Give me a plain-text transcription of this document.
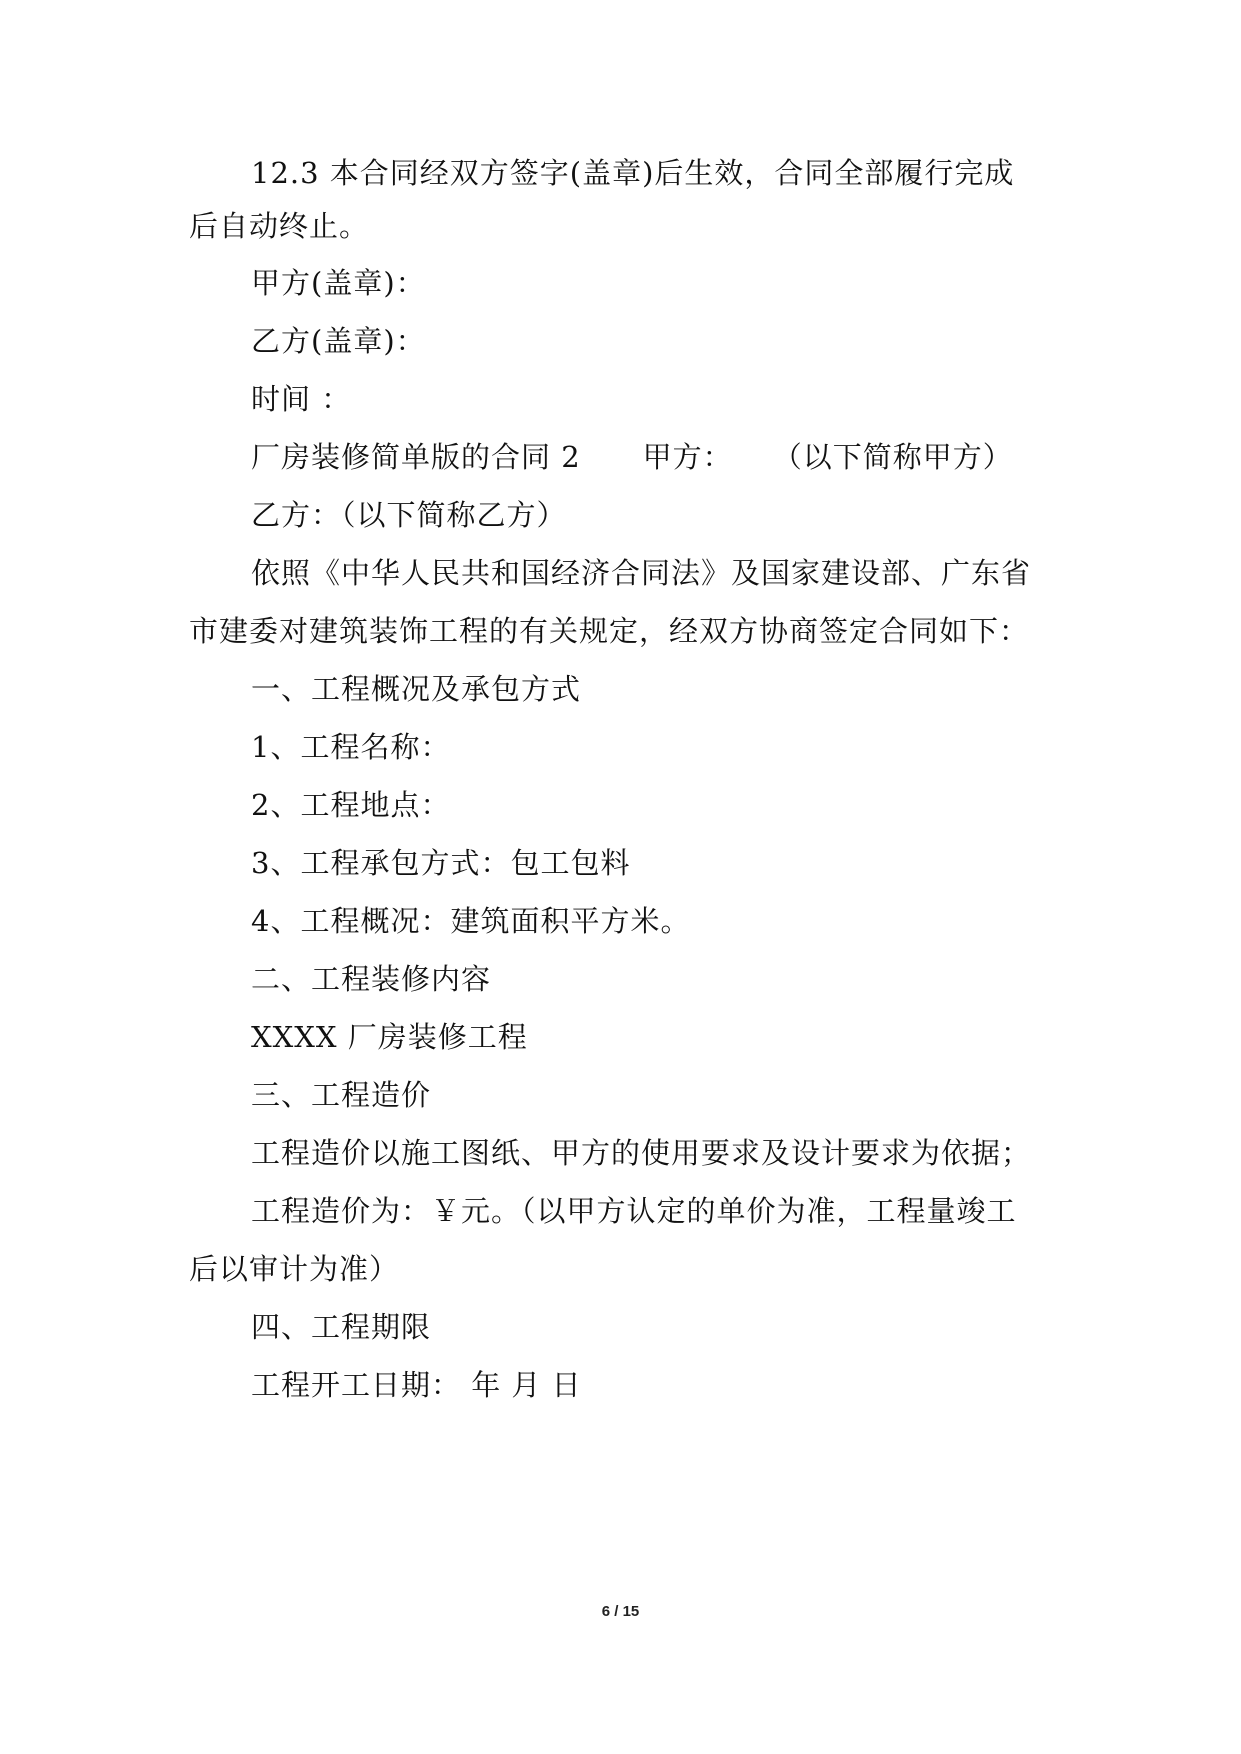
12.3 本合同经双方签字(盖章)后生效，合同全部履行完成
后自动终止。
甲方(盖章)：
乙方(盖章)：
时间 ：
厂房装修简单版的合同 2 甲方： （以下简称甲方）
乙方：（以下简称乙方）
依照《中华人民共和国经济合同法》及国家建设部、广东省
市建委对建筑装饰工程的有关规定，经双方协商签定合同如下：
一、工程概况及承包方式
1、工程名称：
2、工程地点：
3、工程承包方式：包工包料
4、工程概况：建筑面积平方米。
二、工程装修内容
XXXX 厂房装修工程
三、工程造价
工程造价以施工图纸、甲方的使用要求及设计要求为依据；
工程造价为：￥元。（以甲方认定的单价为准，工程量竣工
后以审计为准）
四、工程期限
工程开工日期： 年 月 日
6 / 15
